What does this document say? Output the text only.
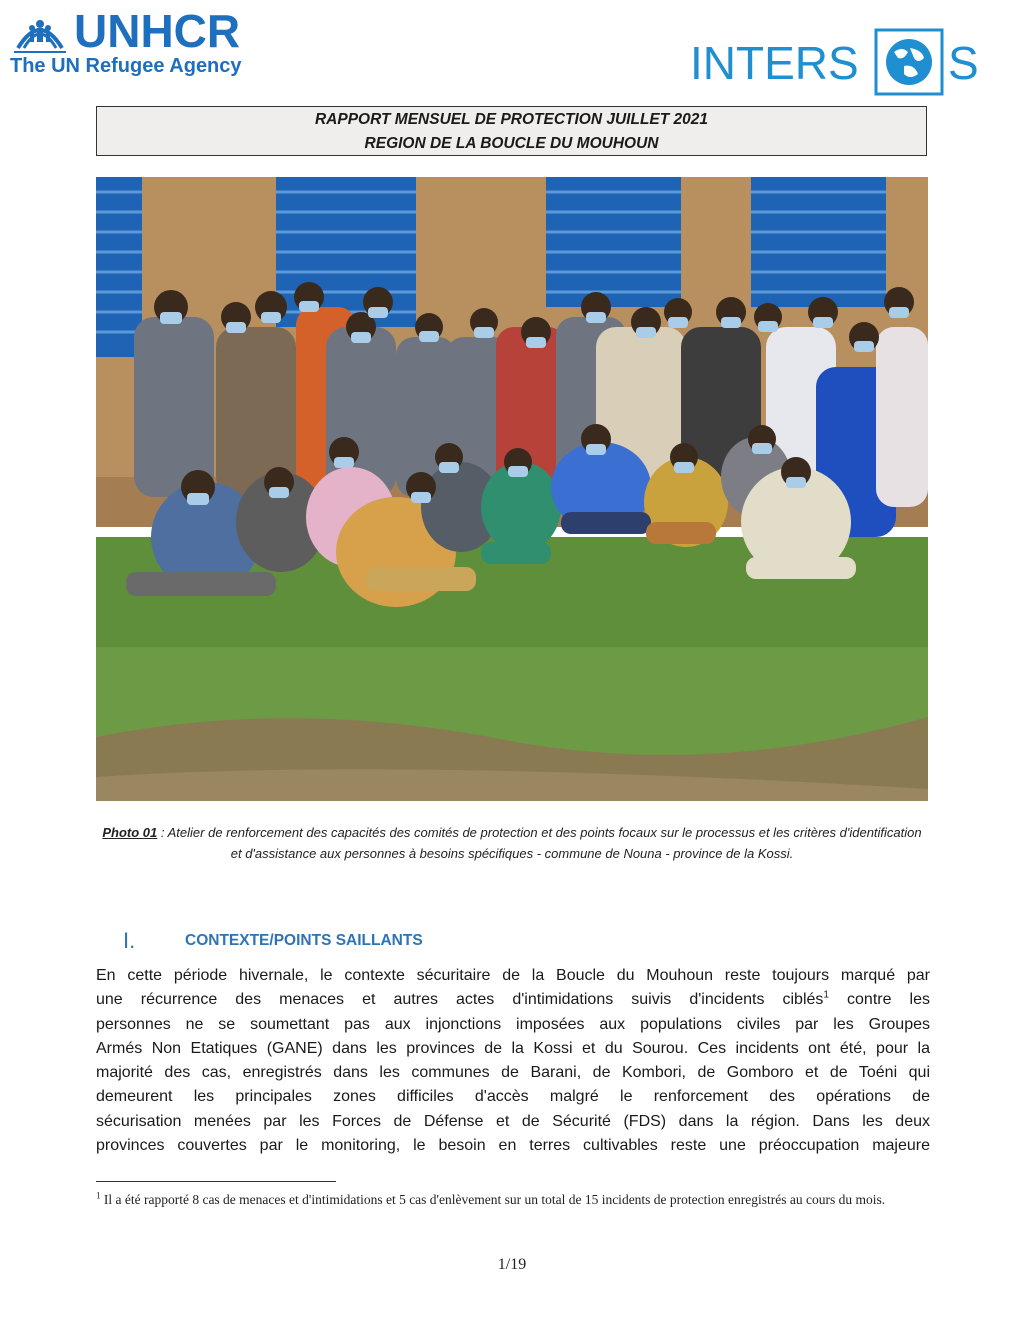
UNHCR
The UN Refugee Agency	INTERS S
RAPPORT MENSUEL DE PROTECTION JUILLET 2021
REGION DE LA BOUCLE DU MOUHOUN
Photo 01 : Atelier de renforcement des capacités des comités de protection et des points focaux sur le processus et les critères d'identification et d'assistance aux personnes à besoins spécifiques - commune de Nouna - province de la Kossi.
I.	CONTEXTE/POINTS SAILLANTS
En cette période hivernale, le contexte sécuritaire de la Boucle du Mouhoun reste toujours marqué par
une récurrence des menaces et autres actes d'intimidations suivis d'incidents ciblés$^1$ contre les
personnes ne se soumettant pas aux injonctions imposées aux populations civiles par les Groupes
Armés Non Etatiques (GANE) dans les provinces de la Kossi et du Sourou. Ces incidents ont été, pour la
majorité des cas, enregistrés dans les communes de Barani, de Kombori, de Gomboro et de Toéni qui
demeurent les principales zones difficiles d'accès malgré le renforcement des opérations de
sécurisation menées par les Forces de Défense et de Sécurité (FDS) dans la région. Dans les deux
provinces couvertes par le monitoring, le besoin en terres cultivables reste une préoccupation majeure
$^1$ Il a été rapporté 8 cas de menaces et d'intimidations et 5 cas d'enlèvement sur un total de 15 incidents de protection enregistrés au cours du mois.
1/19
